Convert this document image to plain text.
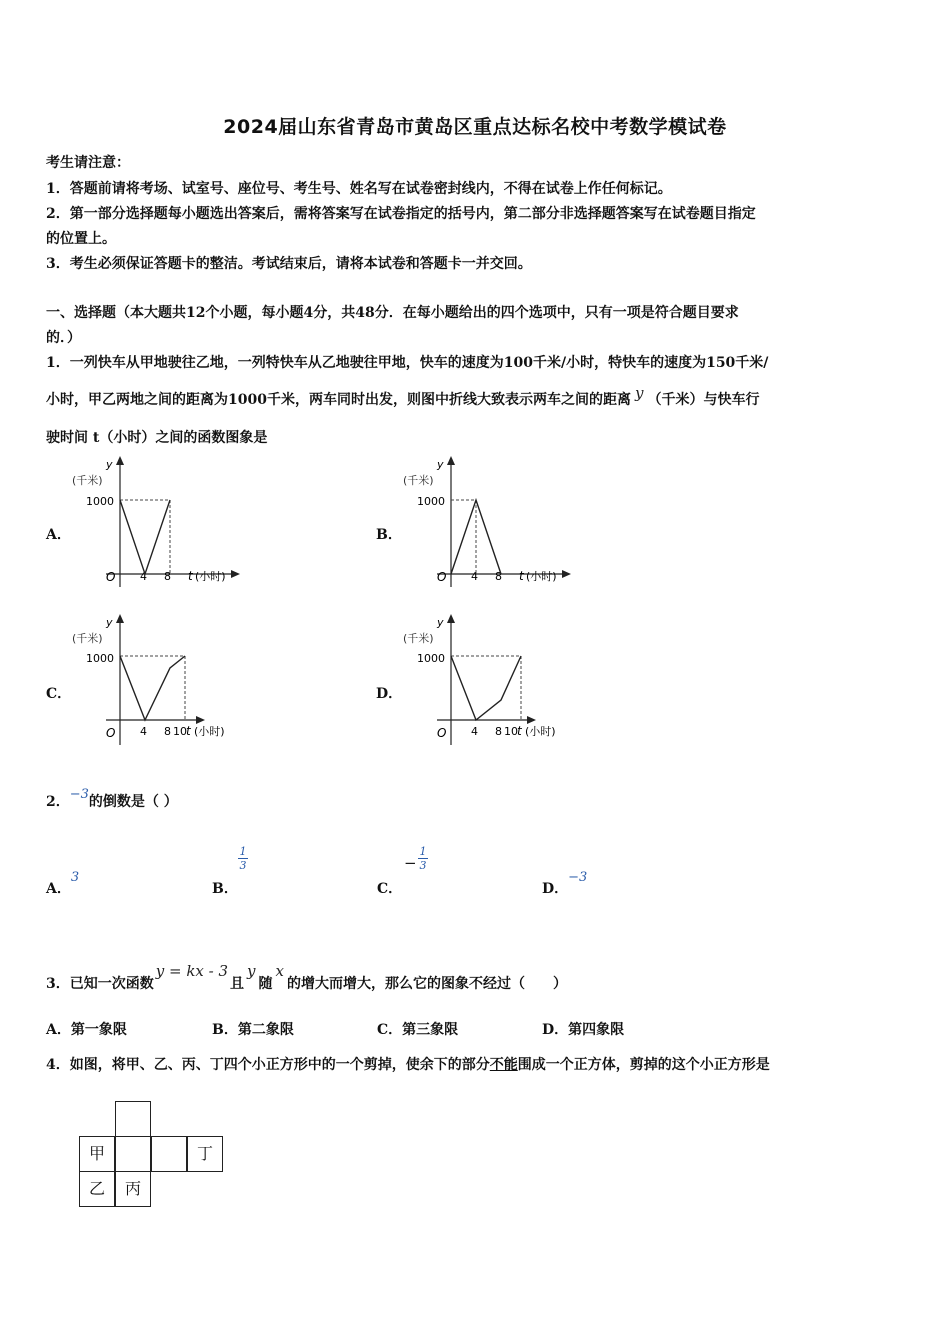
2024届山东省青岛市黄岛区重点达标名校中考数学模试卷
考生请注意：
1．答题前请将考场、试室号、座位号、考生号、姓名写在试卷密封线内，不得在试卷上作任何标记。
2．第一部分选择题每小题选出答案后，需将答案写在试卷指定的括号内，第二部分非选择题答案写在试卷题目指定
的位置上。
3．考生必须保证答题卡的整洁。考试结束后，请将本试卷和答题卡一并交回。
一、选择题（本大题共12个小题，每小题4分，共48分．在每小题给出的四个选项中，只有一项是符合题目要求
的．）
1．一列快车从甲地驶往乙地，一列特快车从乙地驶往甲地，快车的速度为100千米/小时，特快车的速度为150千米/
小时，甲乙两地之间的距离为1000千米，两车同时出发，则图中折线大致表示两车之间的距离 y （千米）与快车行
驶时间 t（小时）之间的函数图象是
A．	B．
C．	D．
y
(千米)
1000
O 4 8 t (小时)
y
(千米)
1000
O 4 8 t (小时)
y
(千米)
1000
O 4 8 10 t (小时)
y
(千米)
1000
O 4 8 10 t (小时)
2．−3的倒数是（ ）
A．3
B．
1
3
C．
−
1
3
D．−3
3．已知一次函数y = kx - 3且y随x的增大而增大，那么它的图象不经过（　　）
A．第一象限	B．第二象限	C．第三象限	D．第四象限
4．如图，将甲、乙、丙、丁四个小正方形中的一个剪掉，使余下的部分不能围成一个正方体，剪掉的这个小正方形是
甲	丁
乙	丙
